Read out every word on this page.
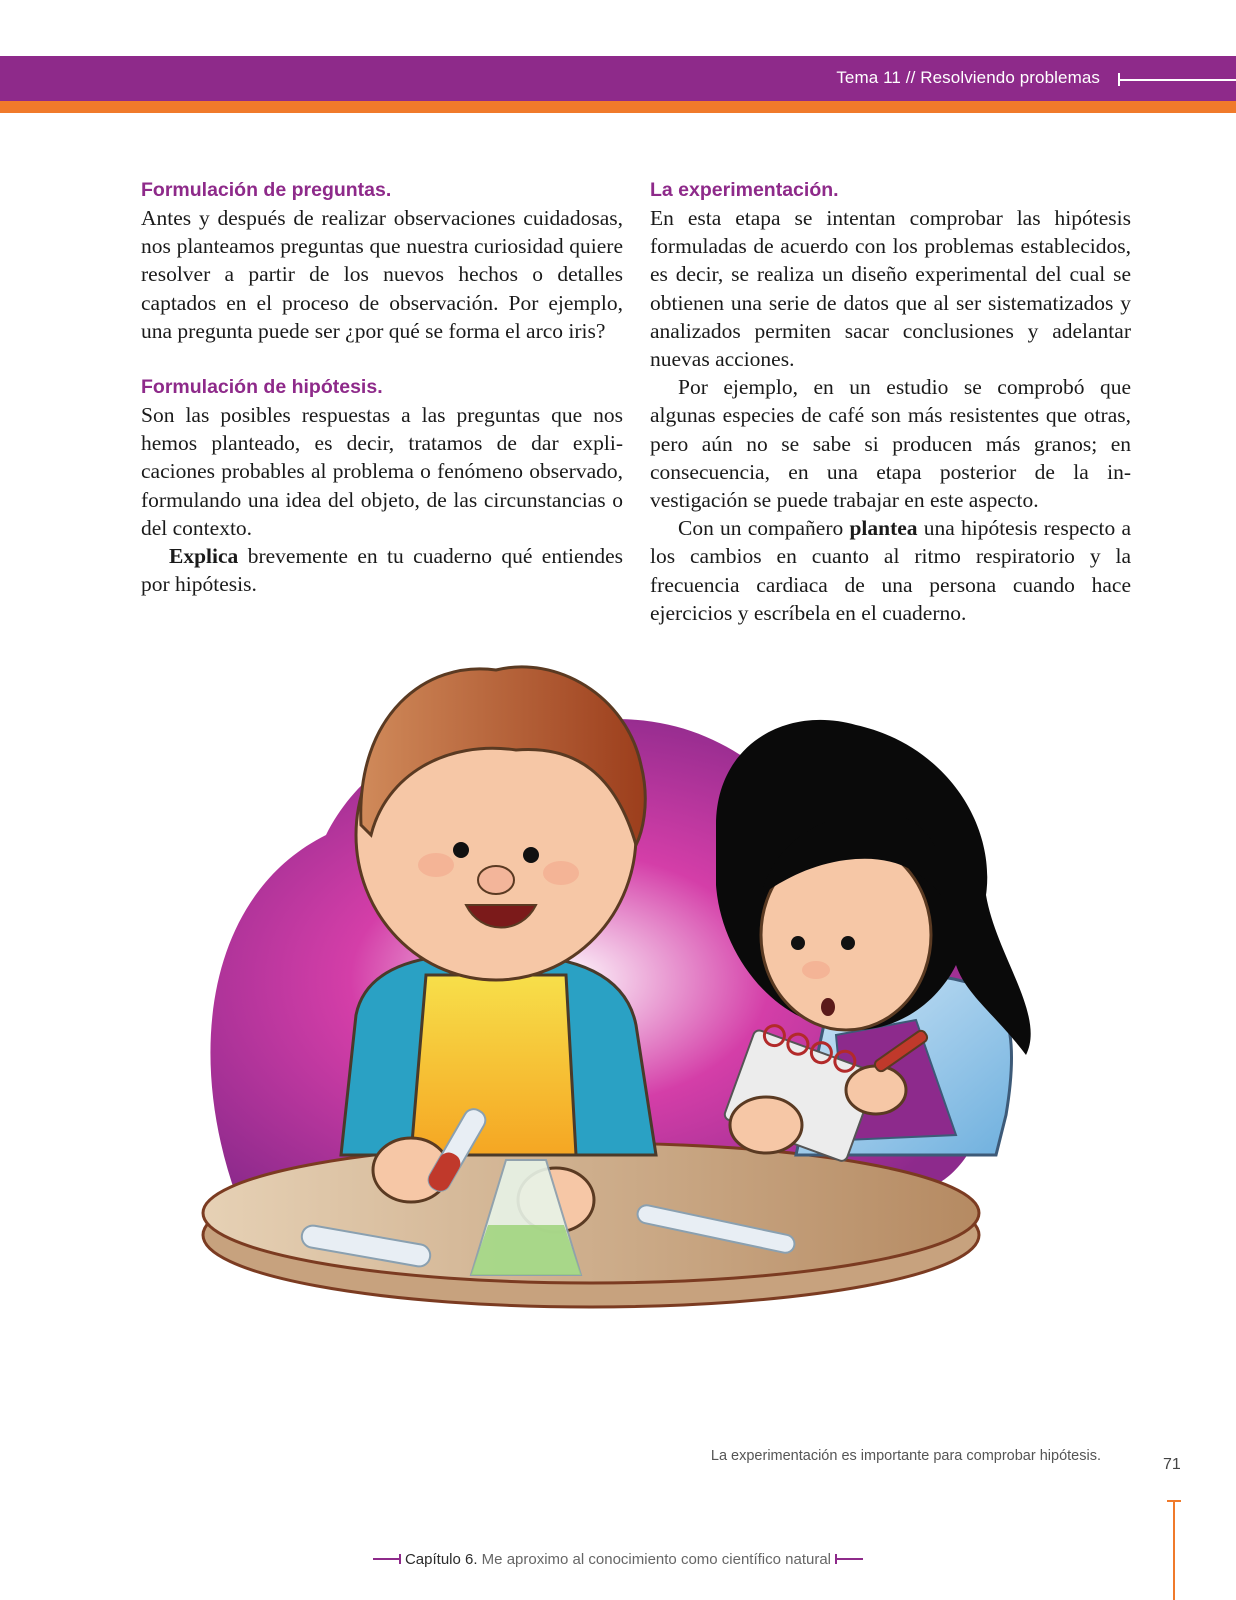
Tema 11 // Resolviendo problemas
Formulación de preguntas.

Antes y después de realizar observaciones cuidadosas, nos planteamos preguntas que nuestra curiosidad quiere resolver a partir de los nuevos hechos o detalles captados en el proceso de observación. Por ejemplo, una pregunta puede ser ¿por qué se forma el arco iris?

Formulación de hipótesis.

Son las posibles respuestas a las preguntas que nos hemos planteado, es decir, tratamos de dar explicaciones probables al problema o fenómeno observado, formulando una idea del objeto, de las circunstancias o del contexto.

Explica brevemente en tu cuaderno qué entiendes por hipótesis.

La experimentación.

En esta etapa se intentan comprobar las hipótesis formuladas de acuerdo con los problemas establecidos, es decir, se realiza un diseño experimental del cual se obtienen una serie de datos que al ser sistematizados y analizados permiten sacar conclusiones y adelantar nuevas acciones.

Por ejemplo, en un estudio se comprobó que algunas especies de café son más resistentes que otras, pero aún no se sabe si producen más granos; en consecuencia, en una etapa posterior de la investigación se puede trabajar en este aspecto.

Con un compañero plantea una hipótesis respecto a los cambios en cuanto al ritmo respiratorio y la frecuencia cardiaca de una persona cuando hace ejercicios y escríbela en el cuaderno.

La experimentación es importante para comprobar hipótesis.	71
Capítulo 6. Me aproximo al conocimiento como científico natural
